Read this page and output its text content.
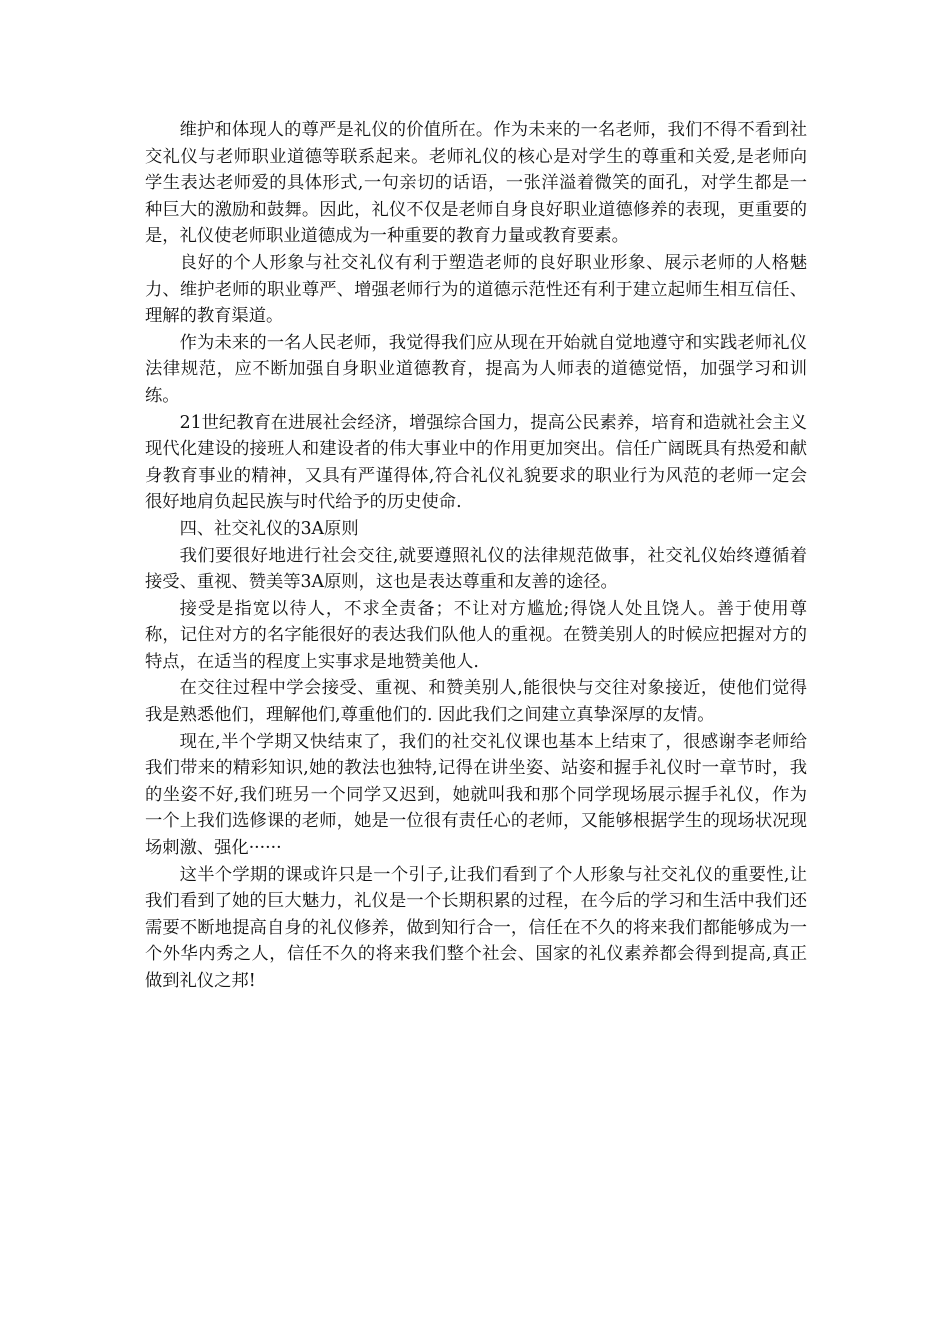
维护和体现人的尊严是礼仪的价值所在。作为未来的一名老师，我们不得不看到社交礼仪与老师职业道德等联系起来。老师礼仪的核心是对学生的尊重和关爱,是老师向学生表达老师爱的具体形式,一句亲切的话语，一张洋溢着微笑的面孔，对学生都是一种巨大的激励和鼓舞。因此，礼仪不仅是老师自身良好职业道德修养的表现，更重要的是，礼仪使老师职业道德成为一种重要的教育力量或教育要素。

良好的个人形象与社交礼仪有利于塑造老师的良好职业形象、展示老师的人格魅力、维护老师的职业尊严、增强老师行为的道德示范性还有利于建立起师生相互信任、理解的教育渠道。

作为未来的一名人民老师，我觉得我们应从现在开始就自觉地遵守和实践老师礼仪法律规范，应不断加强自身职业道德教育，提高为人师表的道德觉悟，加强学习和训练。

21世纪教育在进展社会经济，增强综合国力，提高公民素养，培育和造就社会主义现代化建设的接班人和建设者的伟大事业中的作用更加突出。信任广阔既具有热爱和献身教育事业的精神，又具有严谨得体,符合礼仪礼貌要求的职业行为风范的老师一定会很好地肩负起民族与时代给予的历史使命.

四、社交礼仪的3A原则

我们要很好地进行社会交往,就要遵照礼仪的法律规范做事，社交礼仪始终遵循着接受、重视、赞美等3A原则，这也是表达尊重和友善的途径。

接受是指宽以待人，不求全责备；不让对方尴尬;得饶人处且饶人。善于使用尊称，记住对方的名字能很好的表达我们队他人的重视。在赞美别人的时候应把握对方的特点，在适当的程度上实事求是地赞美他人.

在交往过程中学会接受、重视、和赞美别人,能很快与交往对象接近，使他们觉得我是熟悉他们，理解他们,尊重他们的. 因此我们之间建立真挚深厚的友情。

现在,半个学期又快结束了，我们的社交礼仪课也基本上结束了，很感谢李老师给我们带来的精彩知识,她的教法也独特,记得在讲坐姿、站姿和握手礼仪时一章节时，我的坐姿不好,我们班另一个同学又迟到，她就叫我和那个同学现场展示握手礼仪，作为一个上我们选修课的老师，她是一位很有责任心的老师，又能够根据学生的现场状况现场刺激、强化······

这半个学期的课或许只是一个引子,让我们看到了个人形象与社交礼仪的重要性,让我们看到了她的巨大魅力，礼仪是一个长期积累的过程，在今后的学习和生活中我们还需要不断地提高自身的礼仪修养，做到知行合一，信任在不久的将来我们都能够成为一个外华内秀之人，信任不久的将来我们整个社会、国家的礼仪素养都会得到提高,真正做到礼仪之邦!
